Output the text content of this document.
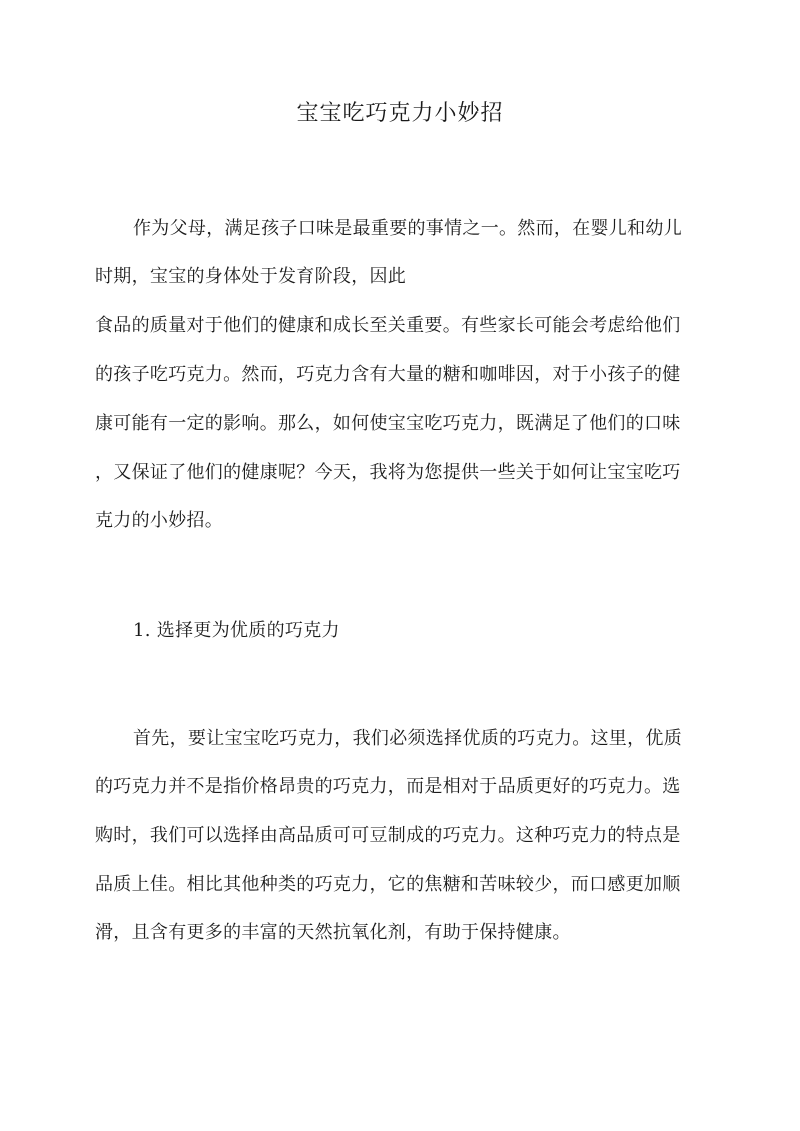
宝宝吃巧克力小妙招

作为父母，满足孩子口味是最重要的事情之一。然而，在婴儿和幼儿

时期，宝宝的身体处于发育阶段，因此

食品的质量对于他们的健康和成长至关重要。有些家长可能会考虑给他们

的孩子吃巧克力。然而，巧克力含有大量的糖和咖啡因，对于小孩子的健

康可能有一定的影响。那么，如何使宝宝吃巧克力，既满足了他们的口味

，又保证了他们的健康呢？今天，我将为您提供一些关于如何让宝宝吃巧

克力的小妙招。

1. 选择更为优质的巧克力

首先，要让宝宝吃巧克力，我们必须选择优质的巧克力。这里，优质

的巧克力并不是指价格昂贵的巧克力，而是相对于品质更好的巧克力。选

购时，我们可以选择由高品质可可豆制成的巧克力。这种巧克力的特点是

品质上佳。相比其他种类的巧克力，它的焦糖和苦味较少，而口感更加顺

滑，且含有更多的丰富的天然抗氧化剂，有助于保持健康。
